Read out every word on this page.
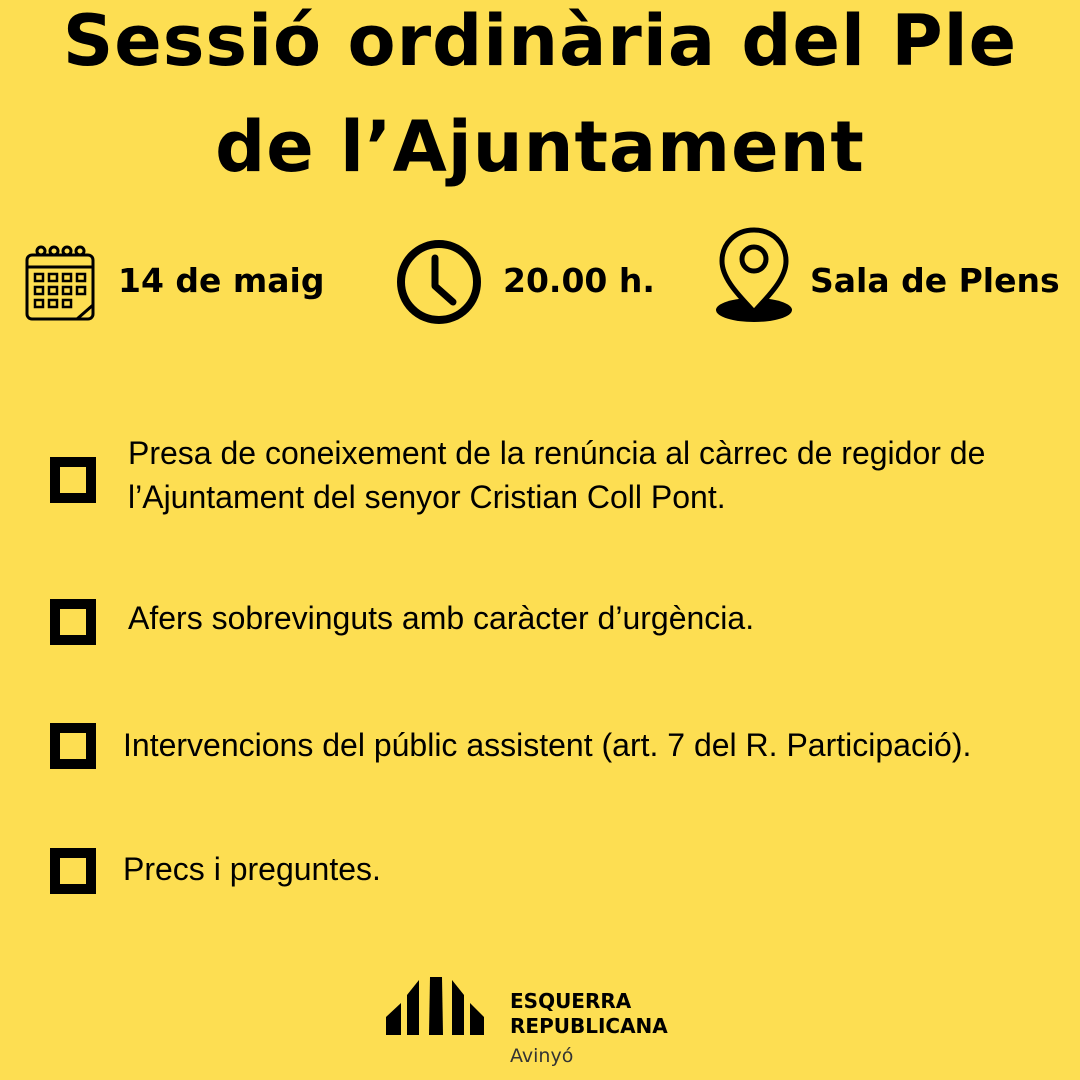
Sessió ordinària del Ple
de l’Ajuntament
14 de maig	20.00 h.	Sala de Plens
Presa de coneixement de la renúncia al càrrec de regidor de
l’Ajuntament del senyor Cristian Coll Pont.
Afers sobrevinguts amb caràcter d’urgència.
Intervencions del públic assistent (art. 7 del R. Participació).
Precs i preguntes.
ESQUERRA
REPUBLICANA
Avinyó
